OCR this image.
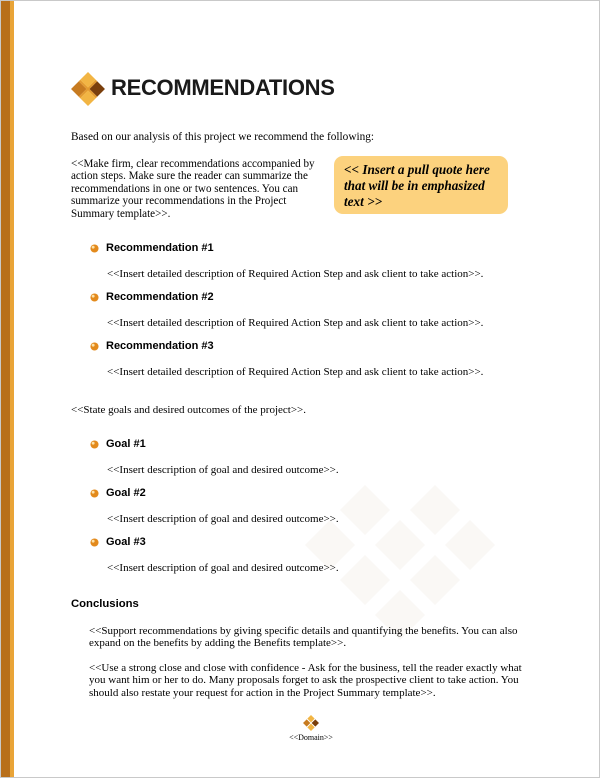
RECOMMENDATIONS
Based on our analysis of this project we recommend the following:
<<Make firm, clear recommendations accompanied by
action steps. Make sure the reader can summarize the
recommendations in one or two sentences. You can
summarize your recommendations in the Project
Summary template>>.
<< Insert a pull quote here
that will be in emphasized
text >>
Recommendation #1
<<Insert detailed description of Required Action Step and ask client to take action>>.
Recommendation #2
<<Insert detailed description of Required Action Step and ask client to take action>>.
Recommendation #3
<<Insert detailed description of Required Action Step and ask client to take action>>.
<<State goals and desired outcomes of the project>>.
Goal #1
<<Insert description of goal and desired outcome>>.
Goal #2
<<Insert description of goal and desired outcome>>.
Goal #3
<<Insert description of goal and desired outcome>>.
Conclusions
<<Support recommendations by giving specific details and quantifying the benefits. You can also
expand on the benefits by adding the Benefits template>>.
<<Use a strong close and close with confidence - Ask for the business, tell the reader exactly what
you want him or her to do. Many proposals forget to ask the prospective client to take action. You
should also restate your request for action in the Project Summary template>>.
<<Domain>>
